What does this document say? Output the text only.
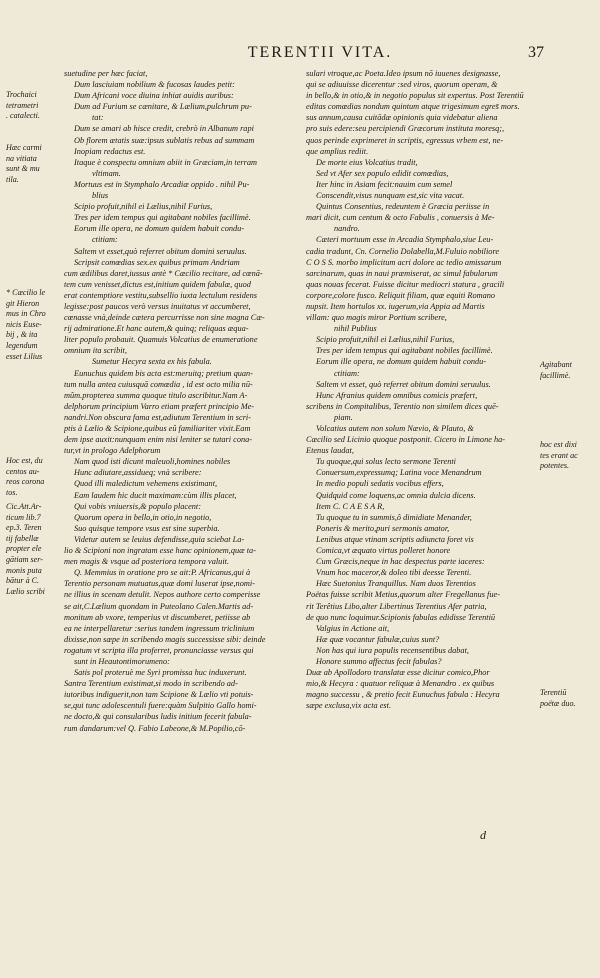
TERENTII VITA.	37

suetudine per hæc faciat,

Dum lasciuiam nobilium & fucosas laudes petit:

Dum Africani voce diuina inhiat auidis auribus:

Dum ad Furium se cænitare, & Lælium,pulchrum pu-

tat:

Dum se amari ab hisce credit, crebrò in Albanum rapi

Ob florem ætatis suæ:ipsus sublatis rebus ad summam

Inopiam redactus est.

Itaque è conspectu omnium abiit in Græciam,in terram

vltimam.

Mortuus est in Stymphalo Arcadiæ oppido . nihil Pu-

blius

Scipio profuit,nihil ei Lælius,nihil Furius,

Tres per idem tempus qui agitabant nobiles facillimè.

Eorum ille opera, ne domum quidem habuit condu-

ctitiam:

Saltem vt esset,quò referret obitum domini seruulus.

Scripsit comœdias sex.ex quibus primam Andriam

cum ædilibus daret,iussus antè * Cæcilio recitare, ad cœnā-

tem cum venisset,dictus est,initium quidem fabulæ, quod

erat contemptiore vestitu,subsellio iuxta lectulum residens

legisse:post paucos verò versus inuitatus vt accumberet,

cœnasse vnà,deinde cætera percurrisse non sine magna Cæ-

rij admiratione.Et hanc autem,& quinq; reliquas æqua-

liter populo probauit. Quamuis Volcatius de enumeratione

omnium ita scribit,

Sumetur Hecyra sexta ex his fabula.

Eunuchus quidem bis acta est:meruitq; pretium quan-

tum nulla antea cuiusquā comœdia , id est octo milia nū-

mûm.propterea summa quoque titulo ascribitur.Nam A-

delphorum principium Varro etiam præfert principio Me-

nandri.Non obscura fama est,adiutum Terentium in scri-

ptis à Lælio & Scipione,quibus eû familiariter vixit.Eam

dem ipse auxit:nunquam enim nisi leniter se tutari cona-

tur,vt in prologo Adelphorum

Nam quod isti dicunt maleuoli,homines nobiles

Hunc adiutare,assidueq; vnà scribere:

Quod illi maledictum vehemens existimant,

Eam laudem hic ducit maximam:cùm illis placet,

Qui vobis vniuersis,& populo placent:

Quorum opera in bello,in otio,in negotio,

Suo quisque tempore vsus est sine superbia.

Videtur autem se leuius defendisse,quia sciebat La-

lio & Scipioni non ingratam esse hanc opinionem,quæ ta-

men magis & vsque ad posteriora tempora valuit.

Q. Memmius in oratione pro se ait:P. Africanus,qui à

Terentio personam mutuatus,quæ domi luserat ipse,nomi-

ne illius in scenam detulit. Nepos authore certo comperisse

se ait,C.Lælium quondam in Puteolano Calen.Martis ad-

monitum ab vxore, temperius vt discumberet, petiisse ab

ea ne interpellaretur :serius tandem ingressum triclinium

dixisse,non sæpe in scribendo magis successisse sibi: deinde

rogatum vt scripta illa proferret, pronunciasse versus qui

sunt in Heautontimorumeno:

Satis pol proteruè me Syri promissa huc induxerunt.

Santra Terentium existimat,si modo in scribendo ad-

iutoribus indiguerit,non tam Scipione & Lælio vti potuis-

se,qui tunc adolescentuli fuere:quàm Sulpitio Gallo homi-

ne docto,& qui consularibus ludis initium fecerit fabula-

rum dandarum:vel Q. Fabio Labeone,& M.Popilio,cō-

sulari vtroque,ac Poeta.Ideo ipsum nō iuuenes designasse,

qui se adiuuisse dicerentur :sed viros, quorum operam, &

in bello,& in otio,& in negotio populus sit expertus. Post Terentiū

editas comœdias nondum quintum atque trigesimum egres̄ mors.

sus annum,causa cuitādæ opinionis quia videbatur aliena

pro suis edere:seu percipiendi Græcorum instituta moresq;,

quos perinde exprimeret in scriptis, egressus vrbem est, ne-

que amplius rediit.

De morte eius Volcatius tradit,

Sed vt Afer sex populo edidit comœdias,

Iter hinc in Asiam fecit:nauim cum semel

Conscendit,visus nunquam est,sic vita vacat.

Quintus Consentius, redeuntem è Græcia periisse in

mari dicit, cum centum & octo Fabulis , conuersis à Me-

nandro.

Cæteri mortuum esse in Arcadia Stymphalo,siue Leu-

cadia tradunt, Cn. Cornelio Dolabella,M.Fuluio nobiliore

C O S S. morbo implicitum acri dolore ac tedio amissarum

sarcinarum, quas in naui præmiserat, ac simul fabularum

quas nouas fecerat. Fuisse dicitur mediocri statura , gracili

corpore,colore fusco. Reliquit filiam, quæ equiti Romano

nupsit. Item hortulos xx. iugerum,via Appia ad Martis

villam: quo magis miror Portium scribere,

nihil Publius

Scipio profuit,nihil ei Lælius,nihil Furius,

Tres per idem tempus qui agitabant nobiles facillimè.

Eorum ille opera, ne domum quidem habuit condu-

ctitiam:

Saltem vt esset, quò referret obitum domini seruulus.

Hunc Afranius quidem omnibus comicis præfert,

scribens in Compitalibus, Terentio non similem dices quē-

piam.

Volcatius autem non solum Nævio, & Plauto, &

Cæcilio sed Licinio quoque postponit. Cicero in Limone ha-

Etenus laudat,

Tu quoque,qui solus lecto sermone Terenti

Conuersum,expressumq; Latina voce Menandrum

In medio populi sedatis vocibus effers,

Quidquid come loquens,ac omnia dulcia dicens.

Item C. C A E S A R,

Tu quoque tu in summis,ô dimidiate Menander,

Poneris & merito,puri sermonis amator,

Lenibus atque vtinam scriptis adiuncta foret vis

Comica,vt æquato virtus polleret honore

Cum Græcis,neque in hac despectus parte iaceres:

Vnum hoc maceror,& doleo tibi deesse Terenti.

Hæc Suetonius Tranquillus. Nam duos Terentios

Poëtas fuisse scribit Metius,quorum alter Fregellanus fue-

rit Terêtius Libo,alter Libertinus Terentius Afer patria,

de quo nunc loquimur.Scipionis fabulas edidisse Terentiū

Valgius in Actione ait,

Hæ quæ vocantur fabulæ,cuius sunt?

Non has qui iura populis recensentibus dabat,

Honore summo affectus fecit fabulas?

Duæ ab Apollodoro translatæ esse dicitur comico,Phor

mio,& Hecyra : quatuor reliquæ à Menandro . ex quibus

magno successu , & pretio fecit Eunuchus fabula : Hecyra

sæpe exclusa,vix acta est.

Trochaici

tetrametri

. catalecti.

Hæc carmi

na vitiata

sunt & mu

tila.

* Cæcilio le

git Hieron

mus in Chro

nicis Euse-

bij , & ita

legendum

esset Lilius

Hoc est, du

centos au-

reos corona

tos.

Cic.Att.Ar-

ticum lib.7

ep.3. Teren

tij fabellæ

propter ele

gātiam ser-

monis puta

bātur à C.

Lælio scribi

Agitabant

facillimè.

hoc est dixi

tes erant ac

potentes.

Terentiū

poëtæ duo.

d
